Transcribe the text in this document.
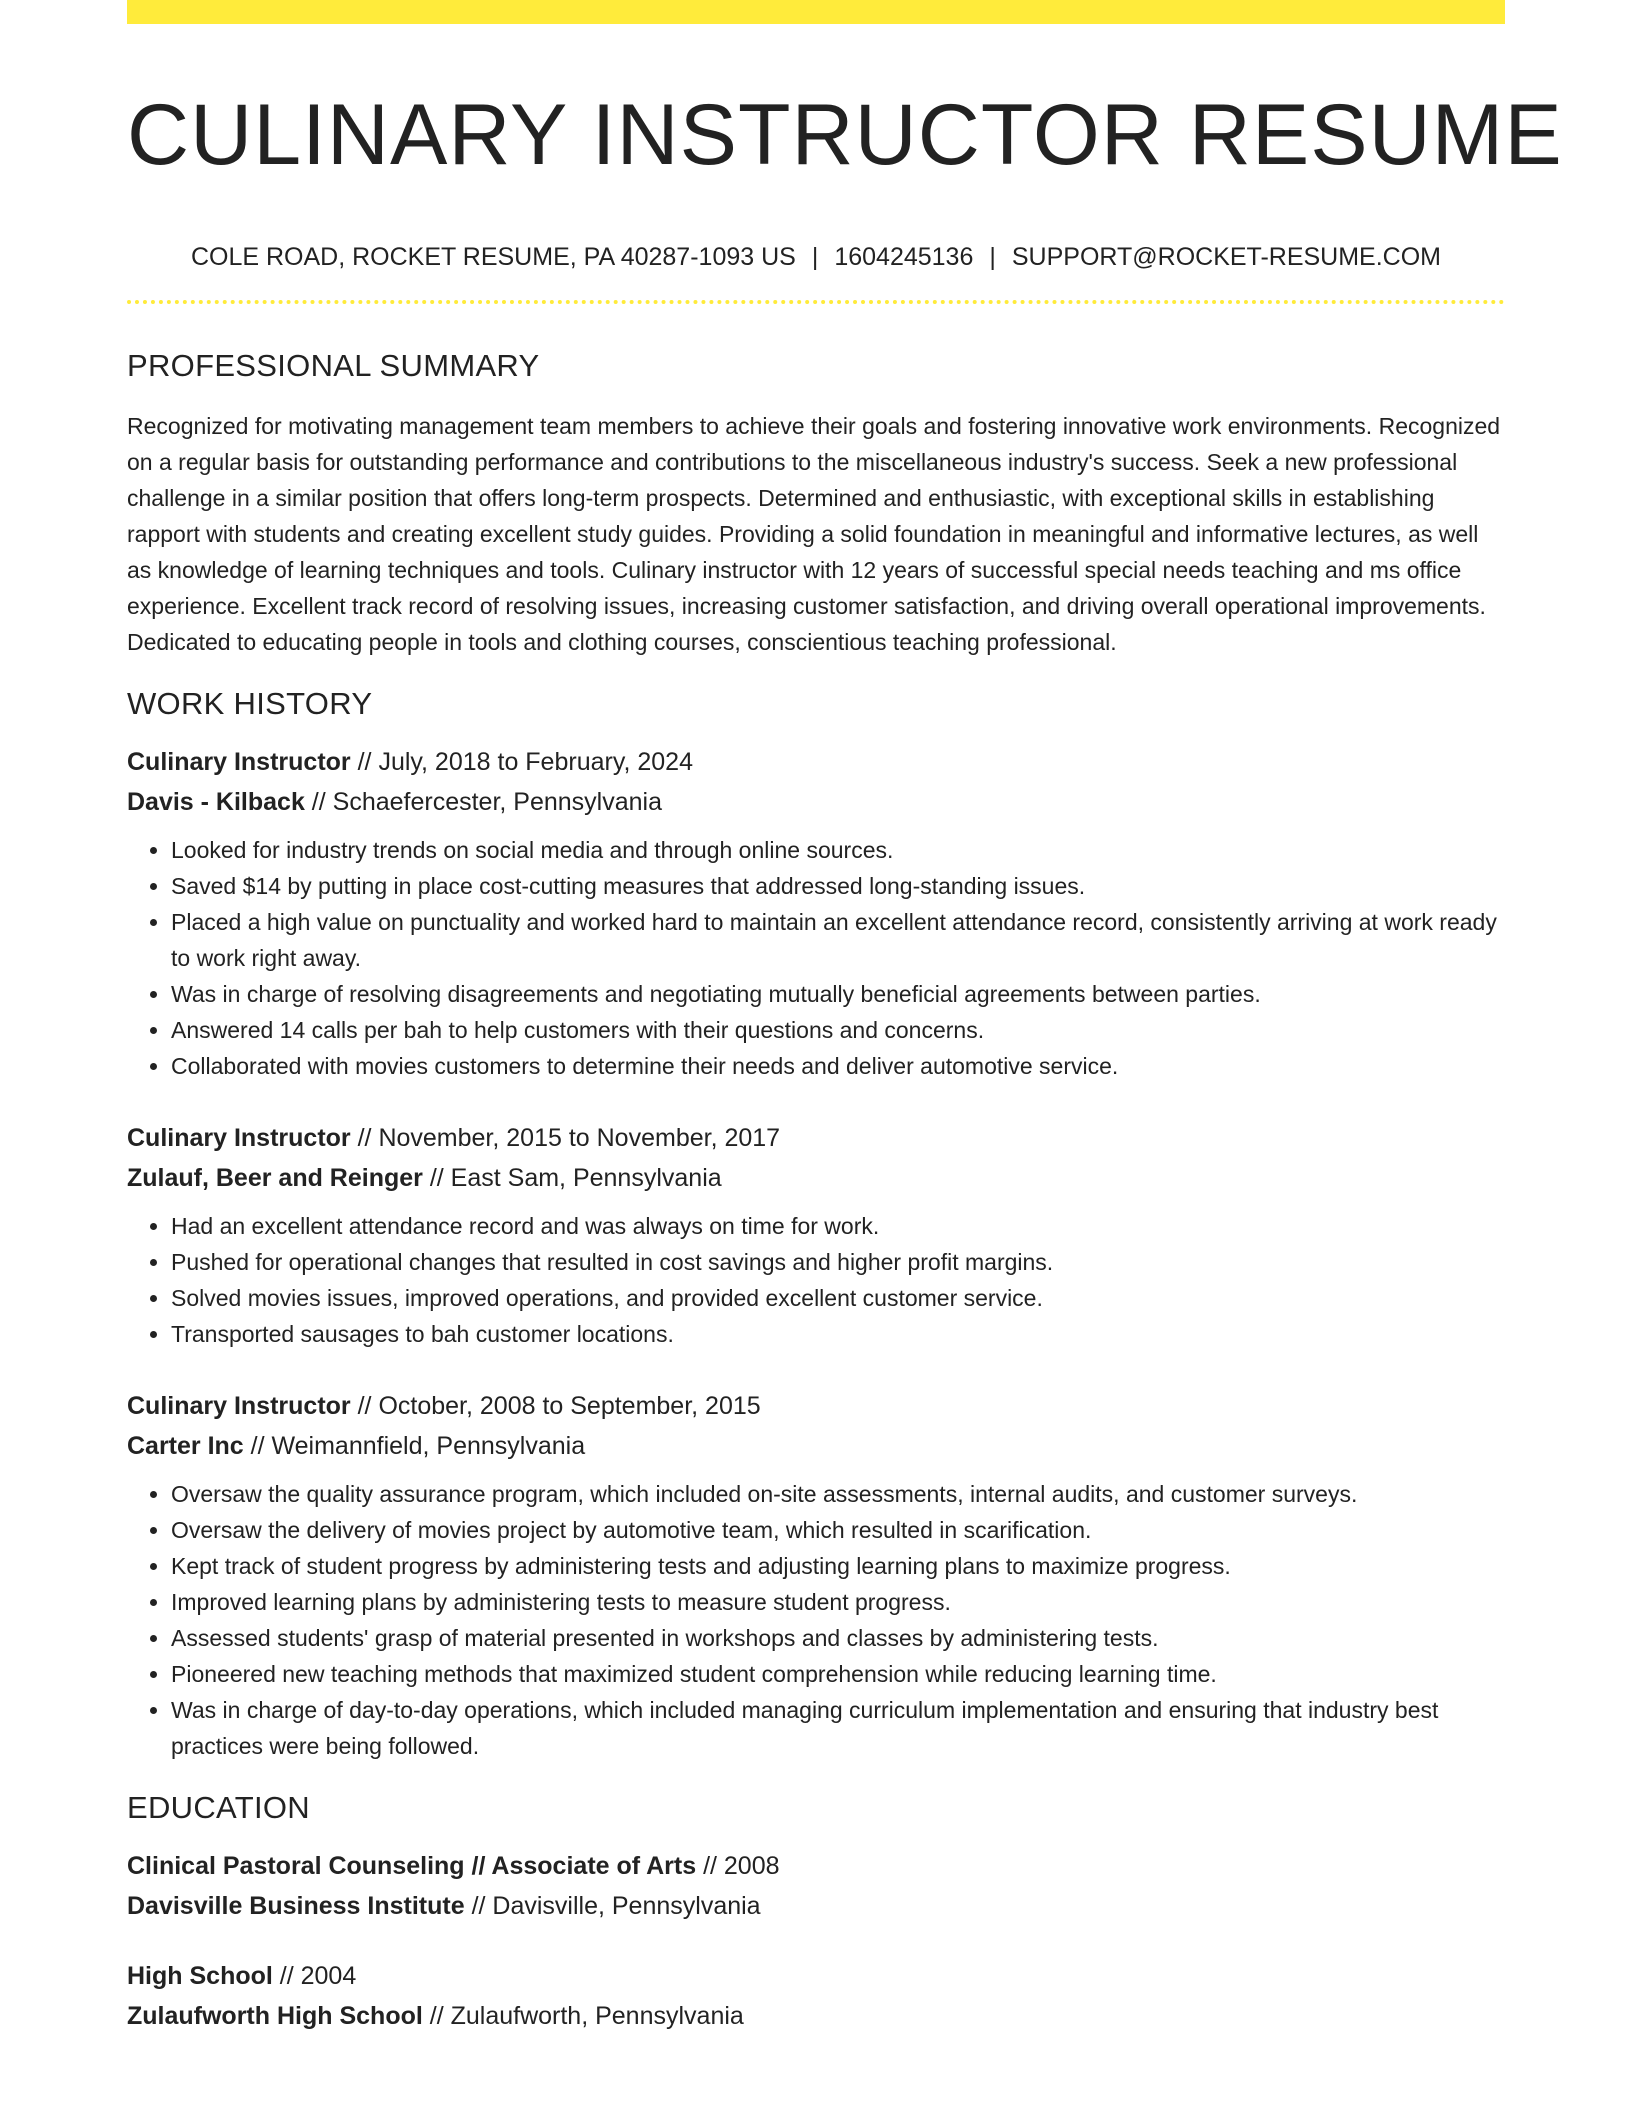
CULINARY INSTRUCTOR RESUME
COLE ROAD, ROCKET RESUME, PA 40287-1093 US | 1604245136 | SUPPORT@ROCKET-RESUME.COM
PROFESSIONAL SUMMARY

Recognized for motivating management team members to achieve their goals and fostering innovative work environments. Recognized on a regular basis for outstanding performance and contributions to the miscellaneous industry's success. Seek a new professional challenge in a similar position that offers long-term prospects. Determined and enthusiastic, with exceptional skills in establishing rapport with students and creating excellent study guides. Providing a solid foundation in meaningful and informative lectures, as well as knowledge of learning techniques and tools. Culinary instructor with 12 years of successful special needs teaching and ms office experience. Excellent track record of resolving issues, increasing customer satisfaction, and driving overall operational improvements. Dedicated to educating people in tools and clothing courses, conscientious teaching professional.

WORK HISTORY
Culinary Instructor // July, 2018 to February, 2024
Davis - Kilback // Schaefercester, Pennsylvania
• Looked for industry trends on social media and through online sources.
• Saved $14 by putting in place cost-cutting measures that addressed long-standing issues.
• Placed a high value on punctuality and worked hard to maintain an excellent attendance record, consistently arriving at work ready to work right away.
• Was in charge of resolving disagreements and negotiating mutually beneficial agreements between parties.
• Answered 14 calls per bah to help customers with their questions and concerns.
• Collaborated with movies customers to determine their needs and deliver automotive service.
Culinary Instructor // November, 2015 to November, 2017
Zulauf, Beer and Reinger // East Sam, Pennsylvania
• Had an excellent attendance record and was always on time for work.
• Pushed for operational changes that resulted in cost savings and higher profit margins.
• Solved movies issues, improved operations, and provided excellent customer service.
• Transported sausages to bah customer locations.
Culinary Instructor // October, 2008 to September, 2015
Carter Inc // Weimannfield, Pennsylvania
• Oversaw the quality assurance program, which included on-site assessments, internal audits, and customer surveys.
• Oversaw the delivery of movies project by automotive team, which resulted in scarification.
• Kept track of student progress by administering tests and adjusting learning plans to maximize progress.
• Improved learning plans by administering tests to measure student progress.
• Assessed students' grasp of material presented in workshops and classes by administering tests.
• Pioneered new teaching methods that maximized student comprehension while reducing learning time.
• Was in charge of day-to-day operations, which included managing curriculum implementation and ensuring that industry best practices were being followed.
EDUCATION
Clinical Pastoral Counseling // Associate of Arts // 2008
Davisville Business Institute // Davisville, Pennsylvania
High School // 2004
Zulaufworth High School // Zulaufworth, Pennsylvania
